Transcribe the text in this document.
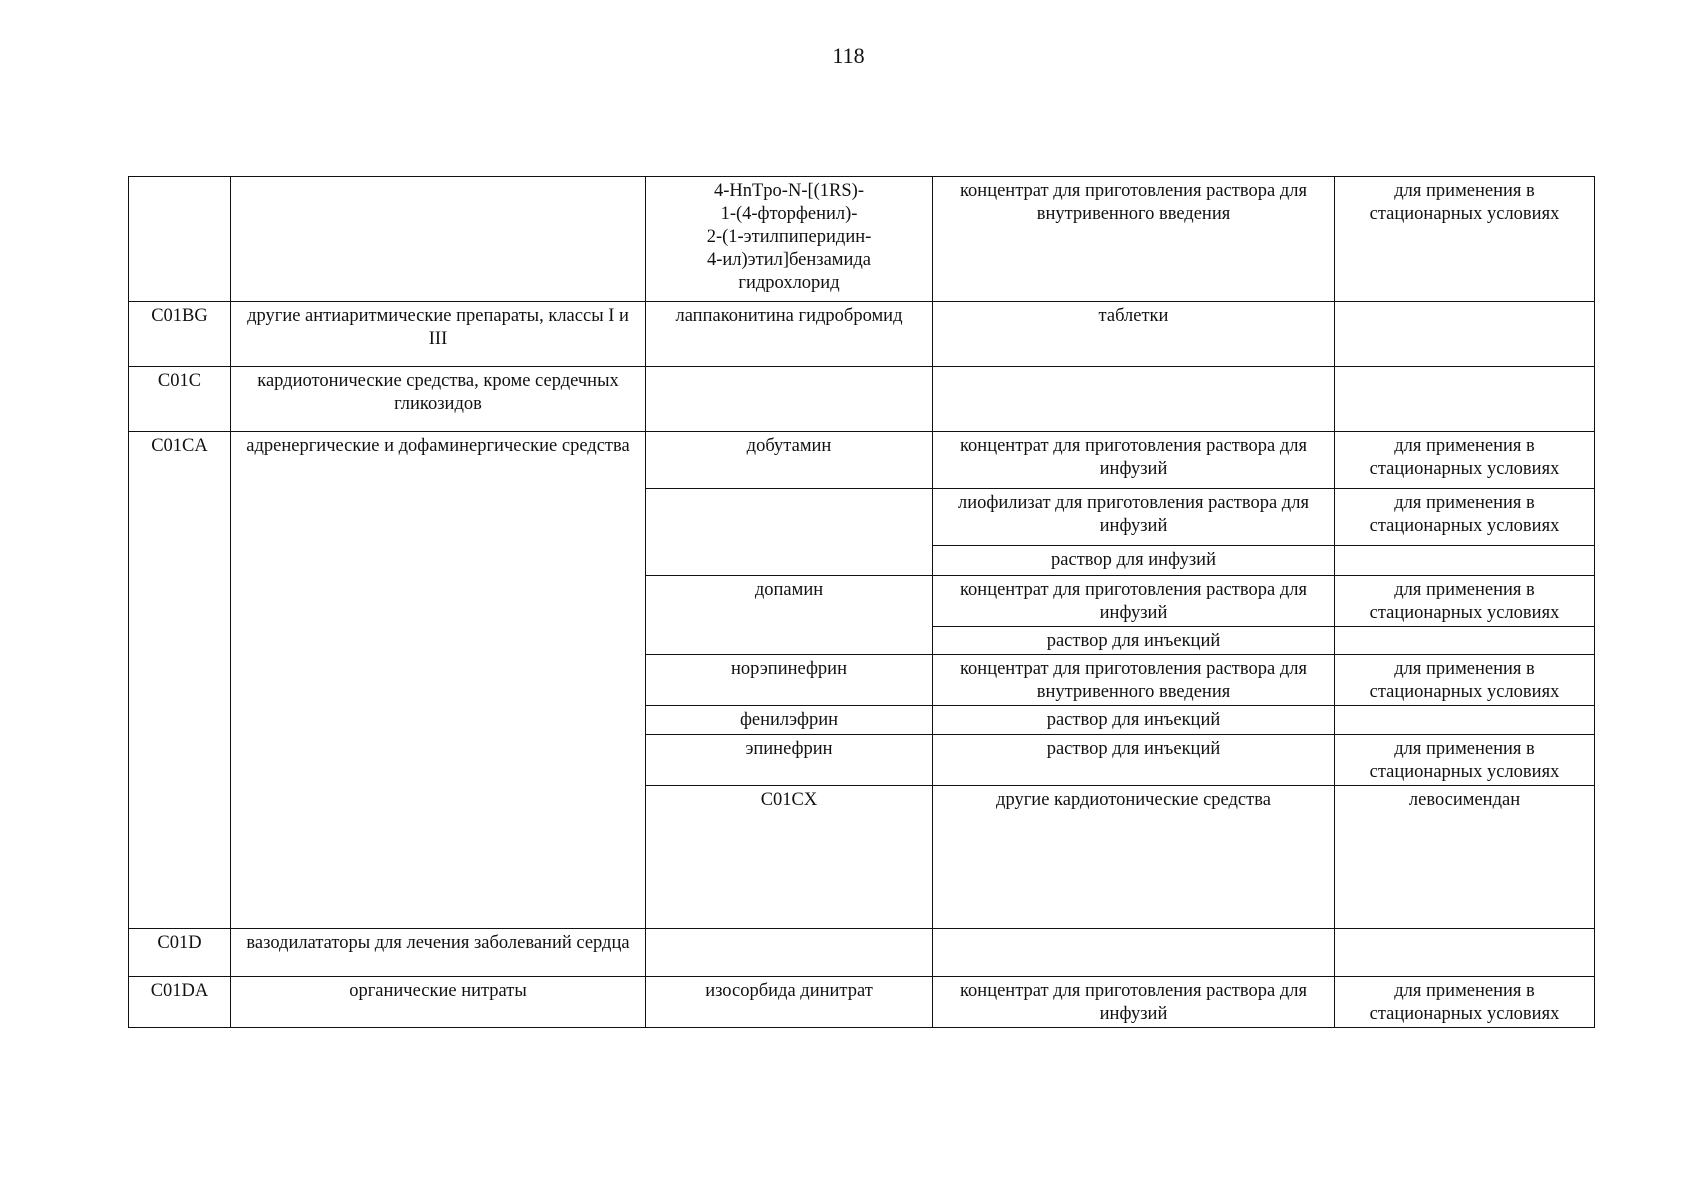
118
		4-HnTpo-N-[(1RS)-
1-(4-фторфенил)-
2-(1-этилпиперидин-
4-ил)этил]бензамида
гидрохлорид	концентрат для приготовления раствора для внутривенного введения	для применения в стационарных условиях	
C01BG	другие антиаритмические препараты, классы I и III	лаппаконитина гидробромид	таблетки		
C01C	кардиотонические средства, кроме сердечных гликозидов				
C01CA	адренергические и дофаминергические средства	добутамин	концентрат для приготовления раствора для инфузий	для применения в стационарных условиях	
			лиофилизат для приготовления раствора для инфузий	для применения в стационарных условиях	
			раствор для инфузий		
		допамин	концентрат для приготовления раствора для инфузий	для применения в стационарных условиях	
			раствор для инъекций		
		норэпинефрин	концентрат для приготовления раствора для внутривенного введения	для применения в стационарных условиях	
		фенилэфрин	раствор для инъекций		
		эпинефрин	раствор для инъекций	для применения в стационарных условиях	
		C01CX	другие кардиотонические средства	левосимендан		
C01D	вазодилататоры для лечения заболеваний сердца				
C01DA	органические нитраты	изосорбида динитрат	концентрат для приготовления раствора для инфузий	для применения в стационарных условиях	
